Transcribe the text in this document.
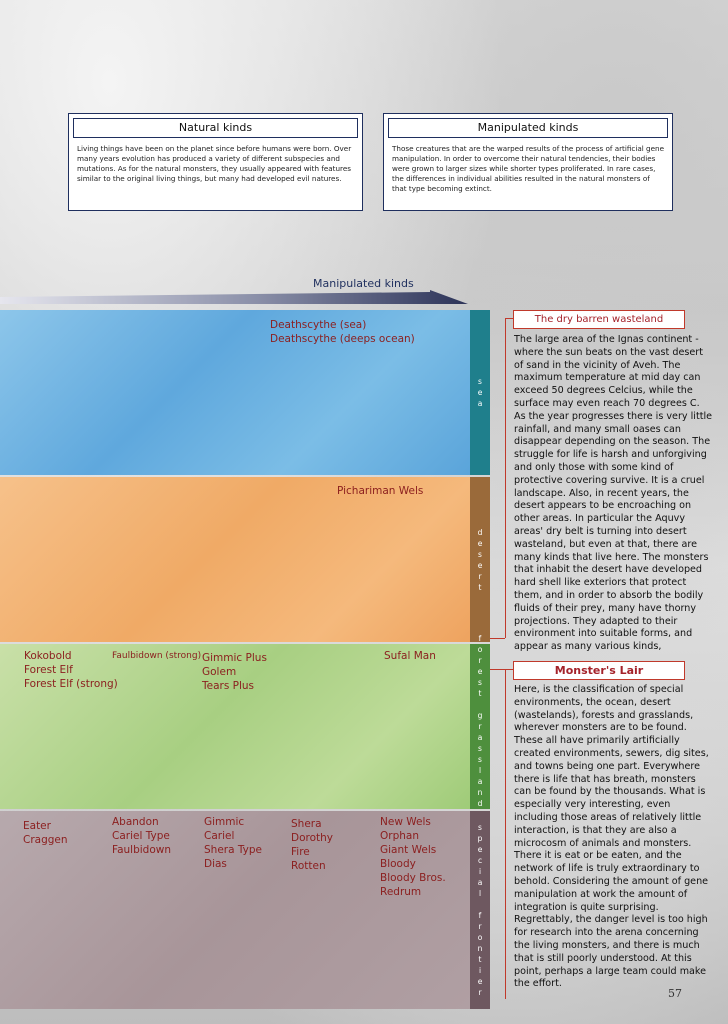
Natural kinds
Living things have been on the planet since before humans were born. Over many years evolution has produced a variety of different subspecies and mutations. As for the natural monsters, they usually appeared with features similar to the original living things, but many had developed evil natures.
Manipulated kinds
Those creatures that are the warped results of the process of artificial gene manipulation. In order to overcome their natural tendencies, their bodies were grown to larger sizes while shorter types proliferated. In rare cases, the differences in individual abilities resulted in the natural monsters of that type becoming extinct.
Manipulated kinds
Deathscythe (sea)
Deathscythe (deeps ocean)
Pichariman Wels
Kokobold
Forest Elf
Forest Elf (strong)
Faulbidown (strong) Gimmic Plus
Golem
Tears Plus
Sufal Man
Eater
Craggen
Abandon
Cariel Type
Faulbidown
Gimmic
Cariel
Shera Type
Dias
Shera
Dorothy
Fire
Rotten
New Wels
Orphan
Giant Wels
Bloody
Bloody Bros.
Redrum
s
e
a
d
e
s
e
r
t
f
o
r
e
s
t

g
r
a
s
s
l
a
n
d
s
p
e
c
i
a
l

f
r
o
n
t
i
e
r
The dry barren wasteland
The large area of the Ignas continent - where the sun beats on the vast desert of sand in the vicinity of Aveh. The maximum temperature at mid day can exceed 50 degrees Celcius, while the surface may even reach 70 degrees C. As the year progresses there is very little rainfall, and many small oases can disappear depending on the season. The struggle for life is harsh and unforgiving and only those with some kind of protective covering survive. It is a cruel landscape. Also, in recent years, the desert appears to be encroaching on other areas. In particular the Aquvy areas' dry belt is turning into desert wasteland, but even at that, there are many kinds that live here. The monsters that inhabit the desert have developed hard shell like exteriors that protect them, and in order to absorb the bodily fluids of their prey, many have thorny projections. They adapted to their environment into suitable forms, and appear as many various kinds,
Monster's Lair
Here, is the classification of special environments, the ocean, desert (wastelands), forests and grasslands, wherever monsters are to be found. These all have primarily artificially created environments, sewers, dig sites, and towns being one part. Everywhere there is life that has breath, monsters can be found by the thousands. What is especially very interesting, even including those areas of relatively little interaction, is that they are also a microcosm of animals and monsters. There it is eat or be eaten, and the network of life is truly extraordinary to behold. Considering the amount of gene manipulation at work the amount of integration is quite surprising. Regrettably, the danger level is too high for research into the arena concerning the living monsters, and there is much that is still poorly understood. At this point, perhaps a large team could make the effort.
57
